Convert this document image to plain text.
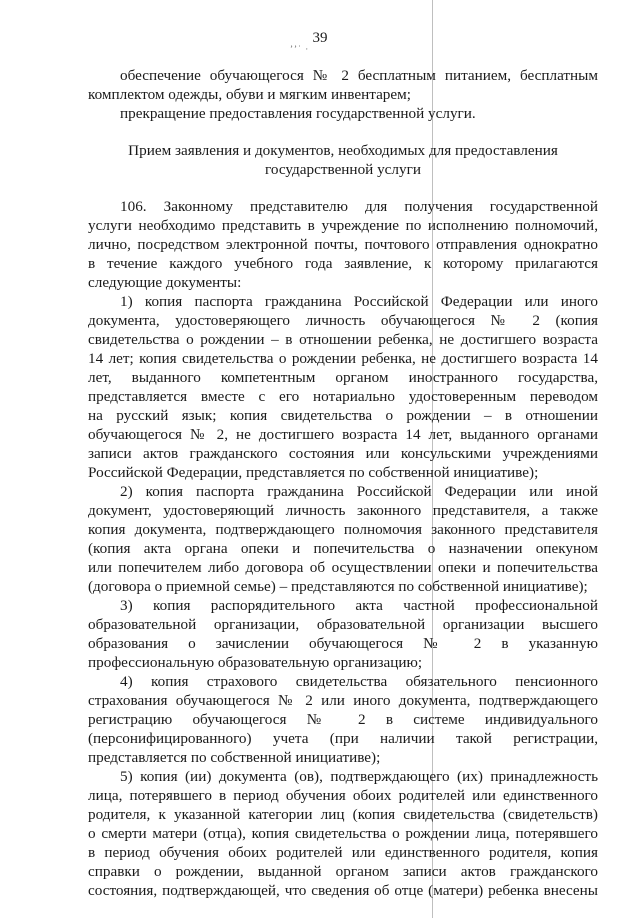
ʼʼ˙ ·
39
обеспечение обучающегося № 2 бесплатным питанием, бесплатным
комплектом одежды, обуви и мягким инвентарем;
прекращение предоставления государственной услуги.
Прием заявления и документов, необходимых для предоставления
государственной услуги
106. Законному представителю для получения государственной
услуги необходимо представить в учреждение по исполнению полномочий,
лично, посредством электронной почты, почтового отправления однократно
в течение каждого учебного года заявление, к которому прилагаются
следующие документы:
1) копия паспорта гражданина Российской Федерации или иного
документа, удостоверяющего личность обучающегося № 2 (копия
свидетельства о рождении – в отношении ребенка, не достигшего возраста
14 лет; копия свидетельства о рождении ребенка, не достигшего возраста 14
лет, выданного компетентным органом иностранного государства,
представляется вместе с его нотариально удостоверенным переводом
на русский язык; копия свидетельства о рождении – в отношении
обучающегося № 2, не достигшего возраста 14 лет, выданного органами
записи актов гражданского состояния или консульскими учреждениями
Российской Федерации, представляется по собственной инициативе);
2) копия паспорта гражданина Российской Федерации или иной
документ, удостоверяющий личность законного представителя, а также
копия документа, подтверждающего полномочия законного представителя
(копия акта органа опеки и попечительства о назначении опекуном
или попечителем либо договора об осуществлении опеки и попечительства
(договора о приемной семье) – представляются по собственной инициативе);
3) копия распорядительного акта частной профессиональной
образовательной организации, образовательной организации высшего
образования о зачислении обучающегося № 2 в указанную
профессиональную образовательную организацию;
4) копия страхового свидетельства обязательного пенсионного
страхования обучающегося № 2 или иного документа, подтверждающего
регистрацию обучающегося № 2 в системе индивидуального
(персонифицированного) учета (при наличии такой регистрации,
представляется по собственной инициативе);
5) копия (ии) документа (ов), подтверждающего (их) принадлежность
лица, потерявшего в период обучения обоих родителей или единственного
родителя, к указанной категории лиц (копия свидетельства (свидетельств)
о смерти матери (отца), копия свидетельства о рождении лица, потерявшего
в период обучения обоих родителей или единственного родителя, копия
справки о рождении, выданной органом записи актов гражданского
состояния, подтверждающей, что сведения об отце (матери) ребенка внесены
